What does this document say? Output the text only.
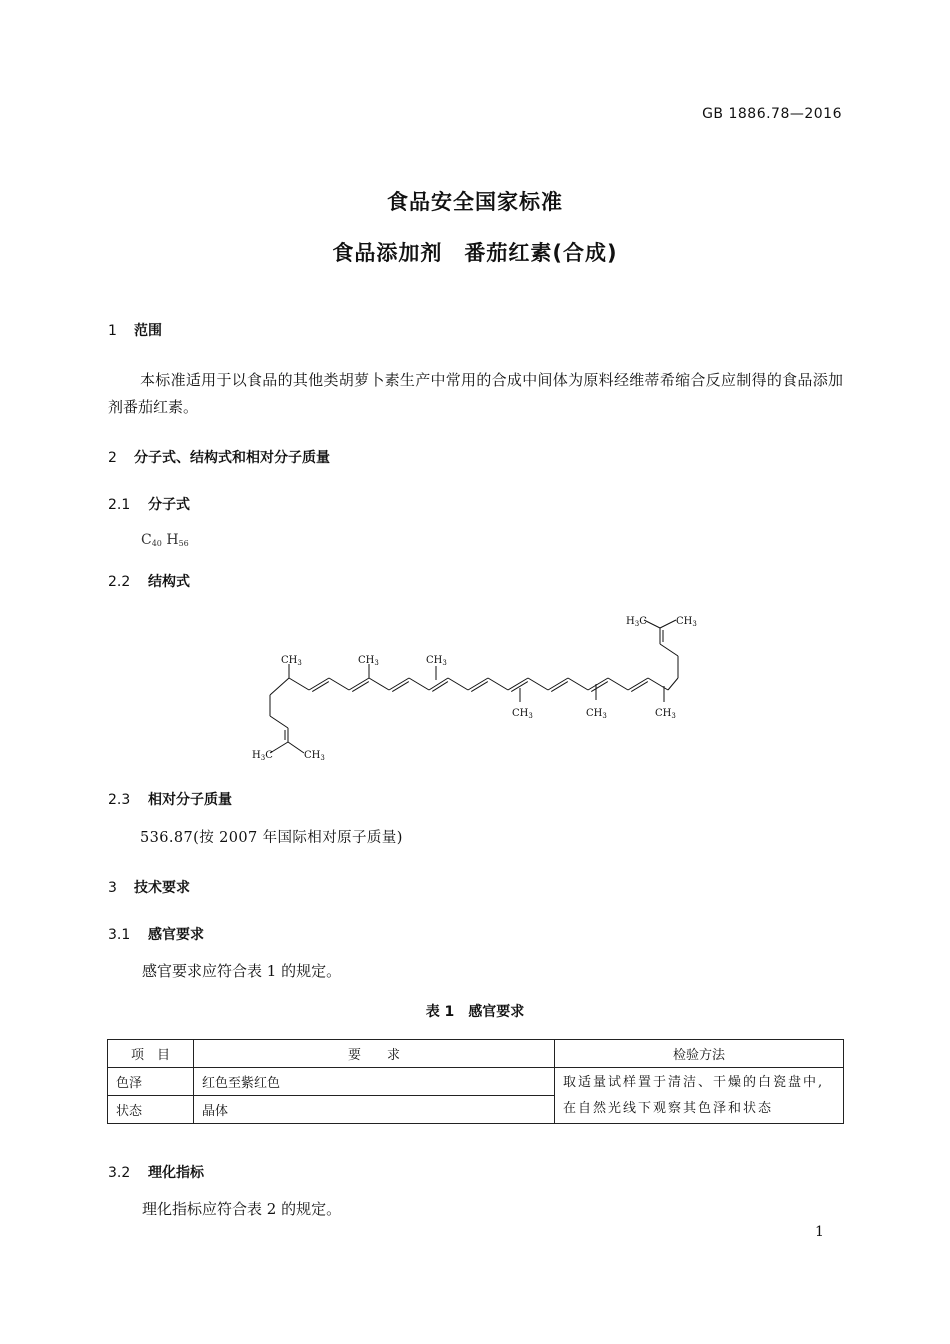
GB 1886.78—2016
食品安全国家标准
食品添加剂　番茄红素(合成)
1 范围
本标准适用于以食品的其他类胡萝卜素生产中常用的合成中间体为原料经维蒂希缩合反应制得的食品添加剂番茄红素。
2 分子式、结构式和相对分子质量
2.1 分子式
$C_{40}$ $H_{56}$
2.2 结构式
$CH_3$	$CH_3$	$CH_3$
$CH_3$	$CH_3$	$CH_3$
$H_3C$	$CH_3$
$H_3C$	$CH_3$
2.3 相对分子质量
536.87(按 2007 年国际相对原子质量)
3 技术要求
3.1 感官要求
感官要求应符合表 1 的规定。
表 1 感官要求
项　目	要　　求	检验方法
色泽	红色至紫红色	取适量试样置于清洁、干燥的白瓷盘中,在自然光线下观察其色泽和状态
状态	晶体	
3.2 理化指标
理化指标应符合表 2 的规定。
1
